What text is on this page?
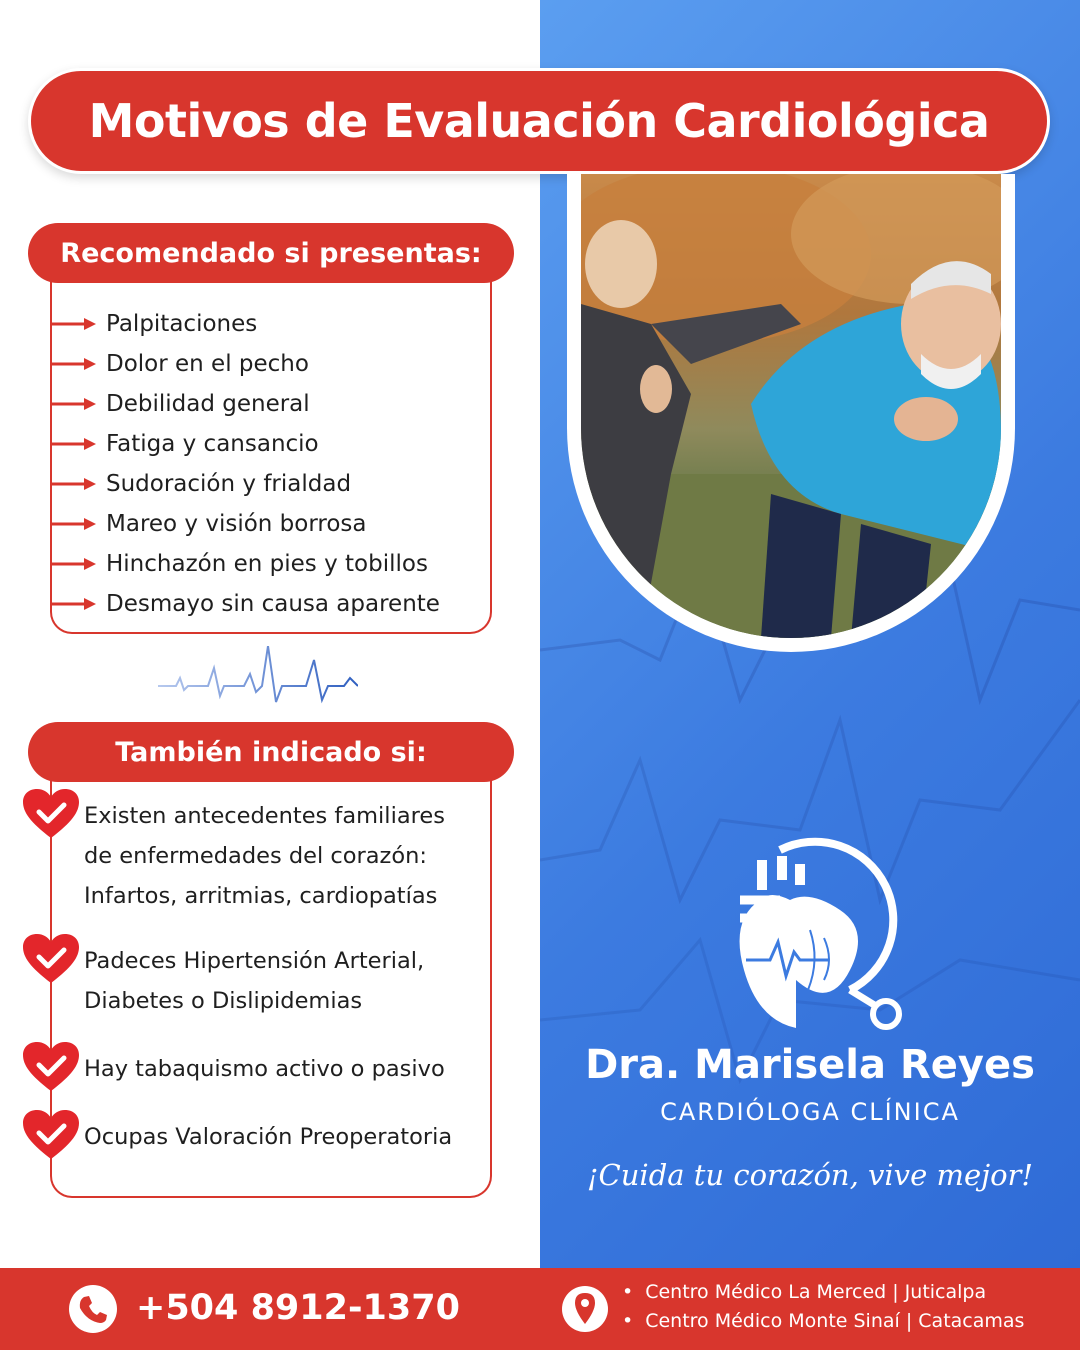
Motivos de Evaluación Cardiológica
Recomendado si presentas:
Palpitaciones
Dolor en el pecho
Debilidad general
Fatiga y cansancio
Sudoración y frialdad
Mareo y visión borrosa
Hinchazón en pies y tobillos
Desmayo sin causa aparente
También indicado si:
Existen antecedentes familiares
de enfermedades del corazón:
Infartos, arritmias, cardiopatías
Padeces Hipertensión Arterial,
Diabetes o Dislipidemias
Hay tabaquismo activo o pasivo
Ocupas Valoración Preoperatoria
Dra. Marisela Reyes
CARDIÓLOGA CLÍNICA
¡Cuida tu corazón, vive mejor!
+504 8912-1370
•	Centro Médico La Merced | Juticalpa
• Centro Médico Monte Sinaí | Catacamas
